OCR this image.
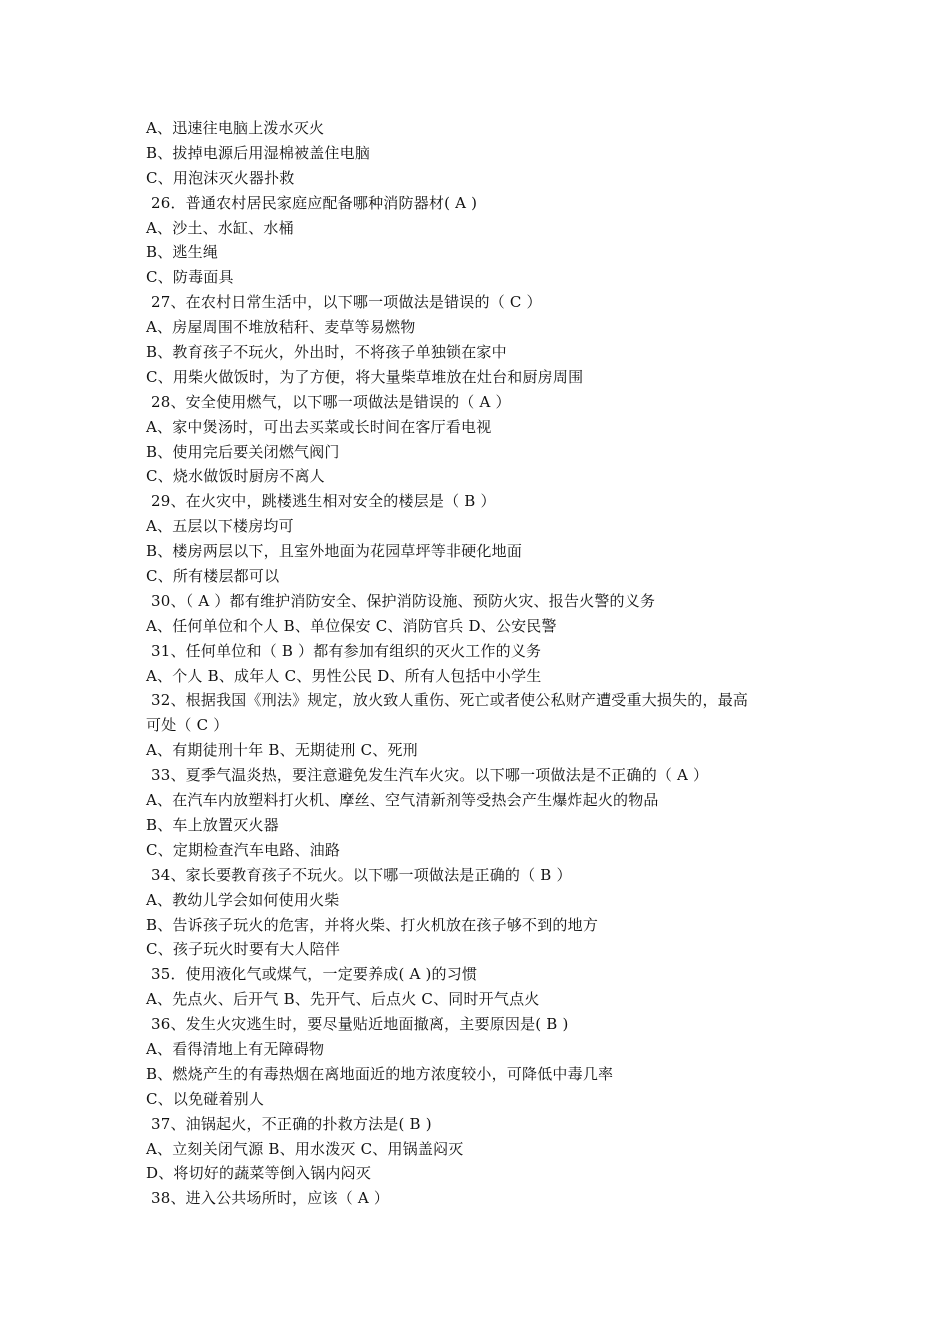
A、迅速往电脑上泼水灭火
B、拔掉电源后用湿棉被盖住电脑
C、用泡沫灭火器扑救
26．普通农村居民家庭应配备哪种消防器材( A )
A、沙土、水缸、水桶
B、逃生绳
C、防毒面具
27、在农村日常生活中，以下哪一项做法是错误的（ C ）
A、房屋周围不堆放秸秆、麦草等易燃物
B、教育孩子不玩火，外出时，不将孩子单独锁在家中
C、用柴火做饭时，为了方便，将大量柴草堆放在灶台和厨房周围
28、安全使用燃气，以下哪一项做法是错误的（ A ）
A、家中煲汤时，可出去买菜或长时间在客厅看电视
B、使用完后要关闭燃气阀门
C、烧水做饭时厨房不离人
29、在火灾中，跳楼逃生相对安全的楼层是（ B ）
A、五层以下楼房均可
B、楼房两层以下，且室外地面为花园草坪等非硬化地面
C、所有楼层都可以
30、（ A ）都有维护消防安全、保护消防设施、预防火灾、报告火警的义务
A、任何单位和个人 B、单位保安 C、消防官兵 D、公安民警
31、任何单位和（ B ）都有参加有组织的灭火工作的义务
A、个人 B、成年人 C、男性公民 D、所有人包括中小学生
32、根据我国《刑法》规定，放火致人重伤、死亡或者使公私财产遭受重大损失的，最高
可处（ C ）
A、有期徒刑十年 B、无期徒刑 C、死刑
33、夏季气温炎热，要注意避免发生汽车火灾。以下哪一项做法是不正确的（ A ）
A、在汽车内放塑料打火机、摩丝、空气清新剂等受热会产生爆炸起火的物品
B、车上放置灭火器
C、定期检查汽车电路、油路
34、家长要教育孩子不玩火。以下哪一项做法是正确的（ B ）
A、教幼儿学会如何使用火柴
B、告诉孩子玩火的危害，并将火柴、打火机放在孩子够不到的地方
C、孩子玩火时要有大人陪伴
35．使用液化气或煤气，一定要养成( A )的习惯
A、先点火、后开气 B、先开气、后点火 C、同时开气点火
36、发生火灾逃生时，要尽量贴近地面撤离，主要原因是( B )
A、看得清地上有无障碍物
B、燃烧产生的有毒热烟在离地面近的地方浓度较小，可降低中毒几率
C、以免碰着别人
37、油锅起火，不正确的扑救方法是( B )
A、立刻关闭气源 B、用水泼灭 C、用锅盖闷灭
D、将切好的蔬菜等倒入锅内闷灭
38、进入公共场所时，应该（ A ）
